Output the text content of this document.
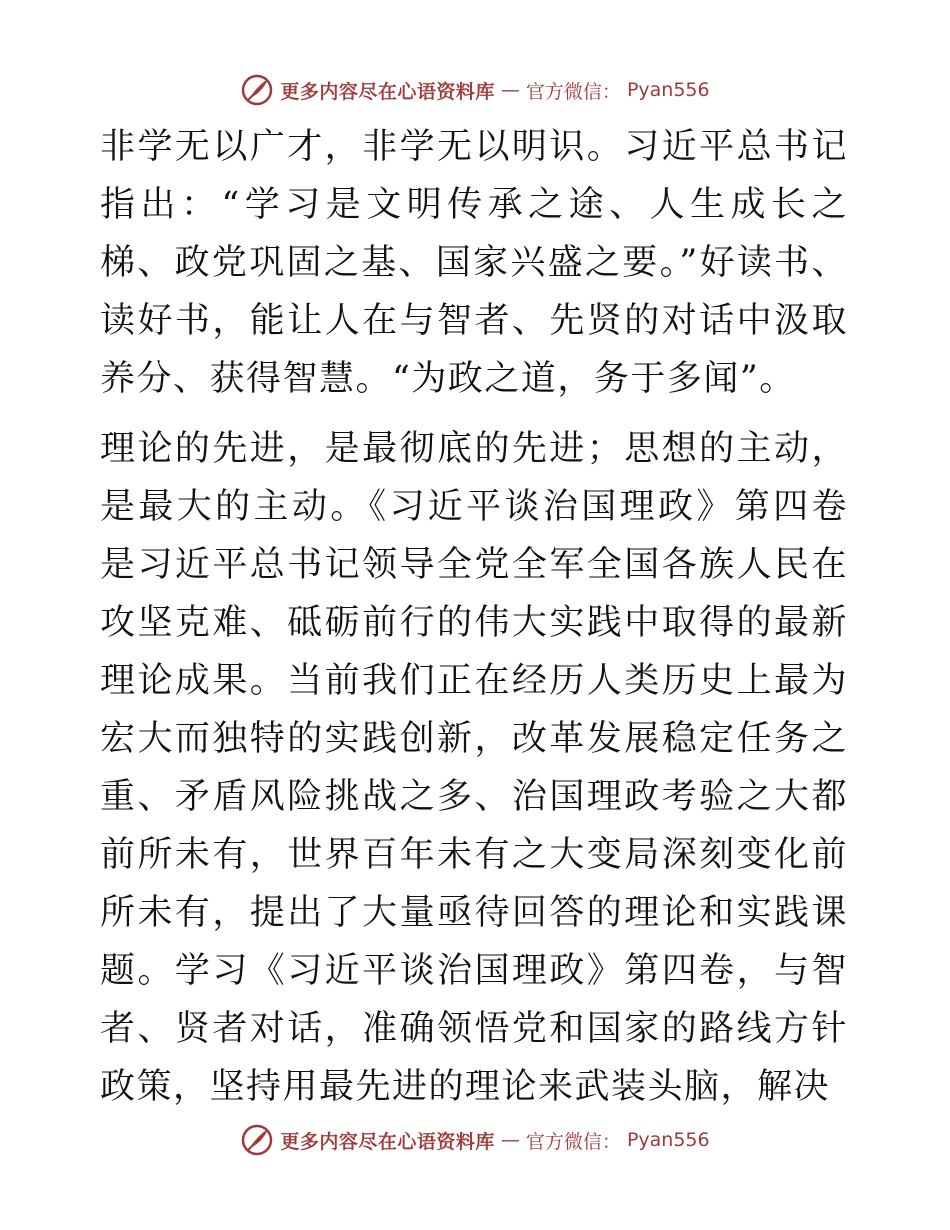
更多内容尽在心语资料库 — 官方微信： Pyan556

非学无以广才，非学无以明识。习近平总书记指出：“学习是文明传承之途、人生成长之梯、政党巩固之基、国家兴盛之要。”好读书、读好书，能让人在与智者、先贤的对话中汲取养分、获得智慧。“为政之道，务于多闻”。

理论的先进，是最彻底的先进；思想的主动，是最大的主动。《习近平谈治国理政》第四卷是习近平总书记领导全党全军全国各族人民在攻坚克难、砥砺前行的伟大实践中取得的最新理论成果。当前我们正在经历人类历史上最为宏大而独特的实践创新，改革发展稳定任务之重、矛盾风险挑战之多、治国理政考验之大都前所未有，世界百年未有之大变局深刻变化前所未有，提出了大量亟待回答的理论和实践课题。学习《习近平谈治国理政》第四卷，与智者、贤者对话，准确领悟党和国家的路线方针政策，坚持用最先进的理论来武装头脑，解决

更多内容尽在心语资料库 — 官方微信： Pyan556
